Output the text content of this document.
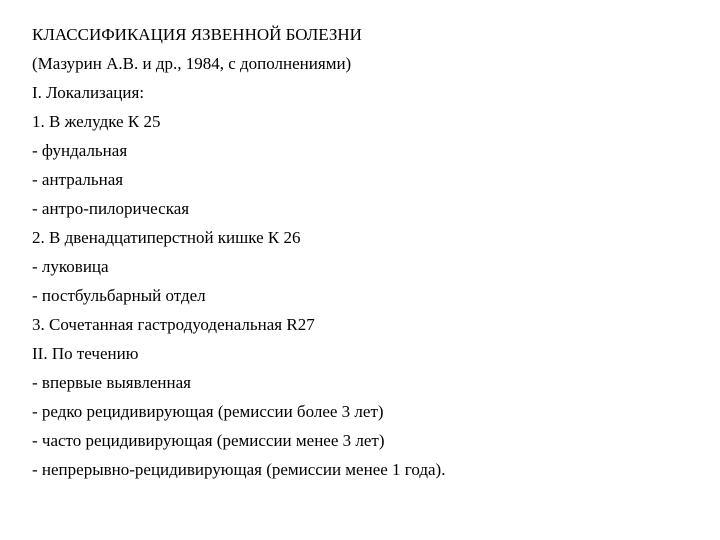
КЛАССИФИКАЦИЯ ЯЗВЕННОЙ БОЛЕЗНИ
(Мазурин А.В. и др., 1984, с дополнениями)
I. Локализация:
1. В желудке К 25
- фундальная
- антральная
- антро-пилорическая
2. В двенадцатиперстной кишке К 26
- луковица
- постбульбарный отдел
3. Сочетанная гастродуоденальная R27
II. По течению
- впервые выявленная
- редко рецидивирующая (ремиссии более 3 лет)
- часто рецидивирующая (ремиссии менее 3 лет)
- непрерывно-рецидивирующая (ремиссии менее 1 года).
